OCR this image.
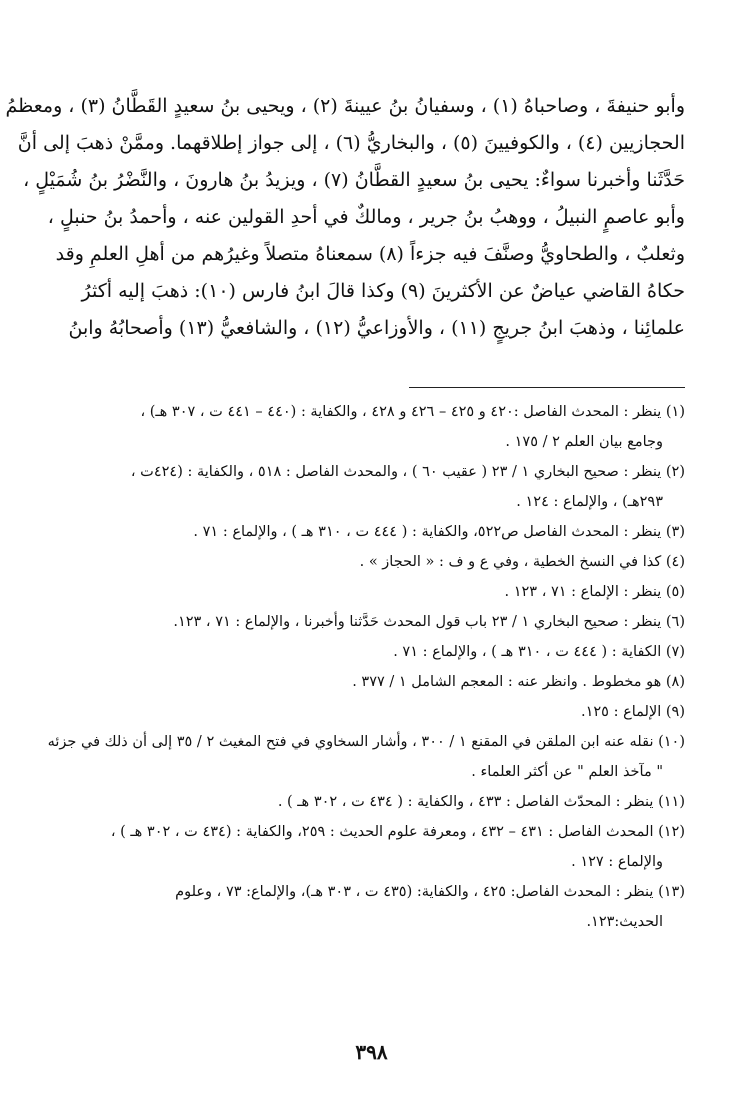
وأبو حنيفةَ ، وصاحباهُ (١) ، وسفيانُ بنُ عيينةَ (٢) ، ويحيى بنُ سعيدٍ القَطَّانُ (٣) ، ومعظمُ
الحجازيين (٤) ، والكوفيينَ (٥) ، والبخاريُّ (٦) ، إلى جواز إطلاقهما. وممَّنْ ذهبَ إلى أنَّ
حَدَّثَنا وأخبرنا سواءٌ: يحيى بنُ سعيدٍ القطَّانُ (٧) ، ويزيدُ بنُ هارونَ ، والنَّضْرُ بنُ شُمَيْلٍ ،
وأبو عاصمٍ النبيلُ ، ووهبُ بنُ جرير ، ومالكٌ في أحدِ القولين عنه ، وأحمدُ بنُ حنبلٍ ،
وثعلبٌ ، والطحاويُّ وصنَّفَ فيه جزءاً (٨) سمعناهُ متصلاً وغيرُهم من أهلِ العلمِ وقد
حكاهُ القاضي عياضٌ عن الأكثرينَ (٩) وكذا قالَ ابنُ فارس (١٠): ذهبَ إليه أكثرُ
علمائِنا ، وذهبَ ابنُ جريجٍ (١١) ، والأوزاعيُّ (١٢) ، والشافعيُّ (١٣) وأصحابُهُ وابنُ
(١) ينظر : المحدث الفاصل :٤٢٠ و ٤٢٥ – ٤٢٦ و ٤٢٨ ، والكفاية : (٤٤٠ – ٤٤١ ت ، ٣٠٧ هـ) ،
وجامع بيان العلم ٢ / ١٧٥ .
(٢) ينظر : صحيح البخاري ١ / ٢٣ ( عقيب ٦٠ ) ، والمحدث الفاصل : ٥١٨ ، والكفاية : (٤٢٤ت ،
٢٩٣هـ) ، والإلماع : ١٢٤ .
(٣) ينظر : المحدث الفاصل ص٥٢٢، والكفاية : ( ٤٤٤ ت ، ٣١٠ هـ ) ، والإلماع : ٧١ .
(٤) كذا في النسخ الخطية ، وفي ع و ف : « الحجاز » .
(٥) ينظر : الإلماع : ٧١ ، ١٢٣ .
(٦) ينظر : صحيح البخاري ١ / ٢٣ باب قول المحدث حَدَّثنا وأخبرنا ، والإلماع : ٧١ ، ١٢٣.
(٧) الكفاية : ( ٤٤٤ ت ، ٣١٠ هـ ) ، والإلماع : ٧١ .
(٨) هو مخطوط . وانظر عنه : المعجم الشامل ١ / ٣٧٧ .
(٩) الإلماع : ١٢٥.
(١٠) نقله عنه ابن الملقن في المقنع ١ / ٣٠٠ ، وأشار السخاوي في فتح المغيث ٢ / ٣٥ إلى أن ذلك في جزئه
" مآخذ العلم " عن أكثر العلماء .
(١١) ينظر : المحدّث الفاصل : ٤٣٣ ، والكفاية : ( ٤٣٤ ت ، ٣٠٢ هـ ) .
(١٢) المحدث الفاصل : ٤٣١ – ٤٣٢ ، ومعرفة علوم الحديث : ٢٥٩، والكفاية : (٤٣٤ ت ، ٣٠٢ هـ ) ،
والإلماع : ١٢٧ .
(١٣) ينظر : المحدث الفاصل: ٤٢٥ ، والكفاية: (٤٣٥ ت ، ٣٠٣ هـ)، والإلماع: ٧٣ ، وعلوم
الحديث:١٢٣.
٣٩٨
